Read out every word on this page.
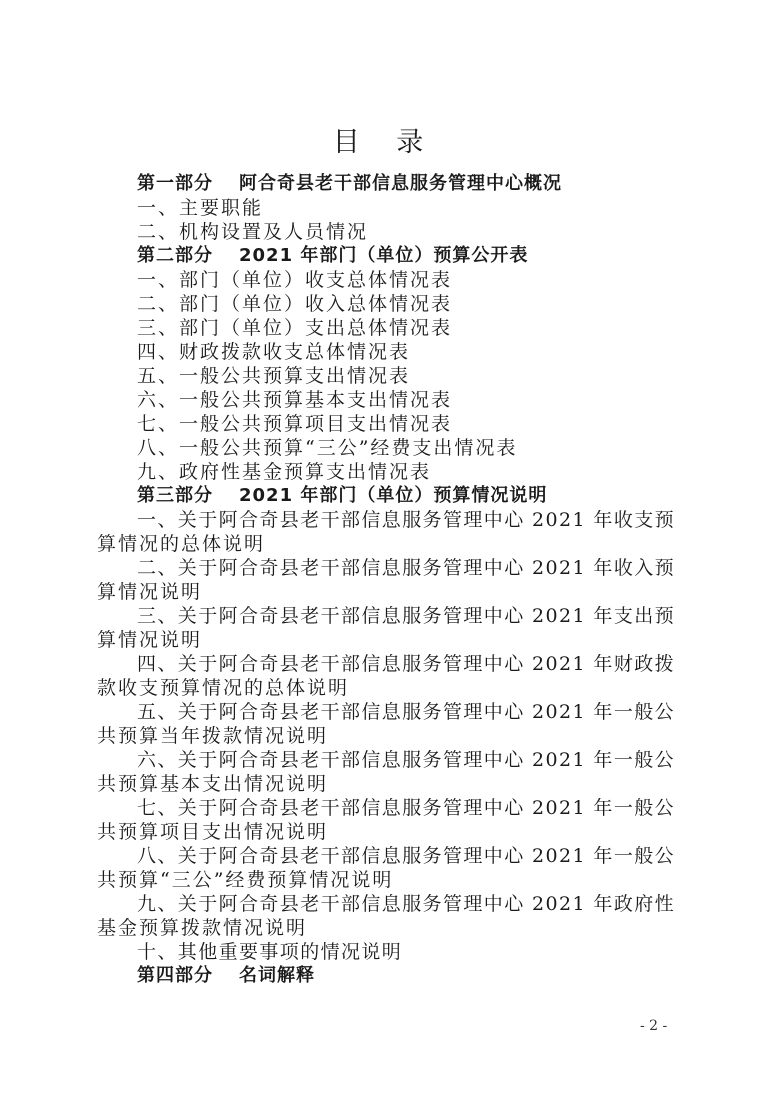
目 录
第一部分 阿合奇县老干部信息服务管理中心概况
一、主要职能
二、机构设置及人员情况
第二部分 2021 年部门（单位）预算公开表
一、部门（单位）收支总体情况表
二、部门（单位）收入总体情况表
三、部门（单位）支出总体情况表
四、财政拨款收支总体情况表
五、一般公共预算支出情况表
六、一般公共预算基本支出情况表
七、一般公共预算项目支出情况表
八、一般公共预算“三公”经费支出情况表
九、政府性基金预算支出情况表
第三部分 2021 年部门（单位）预算情况说明
一、关于阿合奇县老干部信息服务管理中心 2021 年收支预
算情况的总体说明
二、关于阿合奇县老干部信息服务管理中心 2021 年收入预
算情况说明
三、关于阿合奇县老干部信息服务管理中心 2021 年支出预
算情况说明
四、关于阿合奇县老干部信息服务管理中心 2021 年财政拨
款收支预算情况的总体说明
五、关于阿合奇县老干部信息服务管理中心 2021 年一般公
共预算当年拨款情况说明
六、关于阿合奇县老干部信息服务管理中心 2021 年一般公
共预算基本支出情况说明
七、关于阿合奇县老干部信息服务管理中心 2021 年一般公
共预算项目支出情况说明
八、关于阿合奇县老干部信息服务管理中心 2021 年一般公
共预算“三公”经费预算情况说明
九、关于阿合奇县老干部信息服务管理中心 2021 年政府性
基金预算拨款情况说明
十、其他重要事项的情况说明
第四部分 名词解释
- 2 -
